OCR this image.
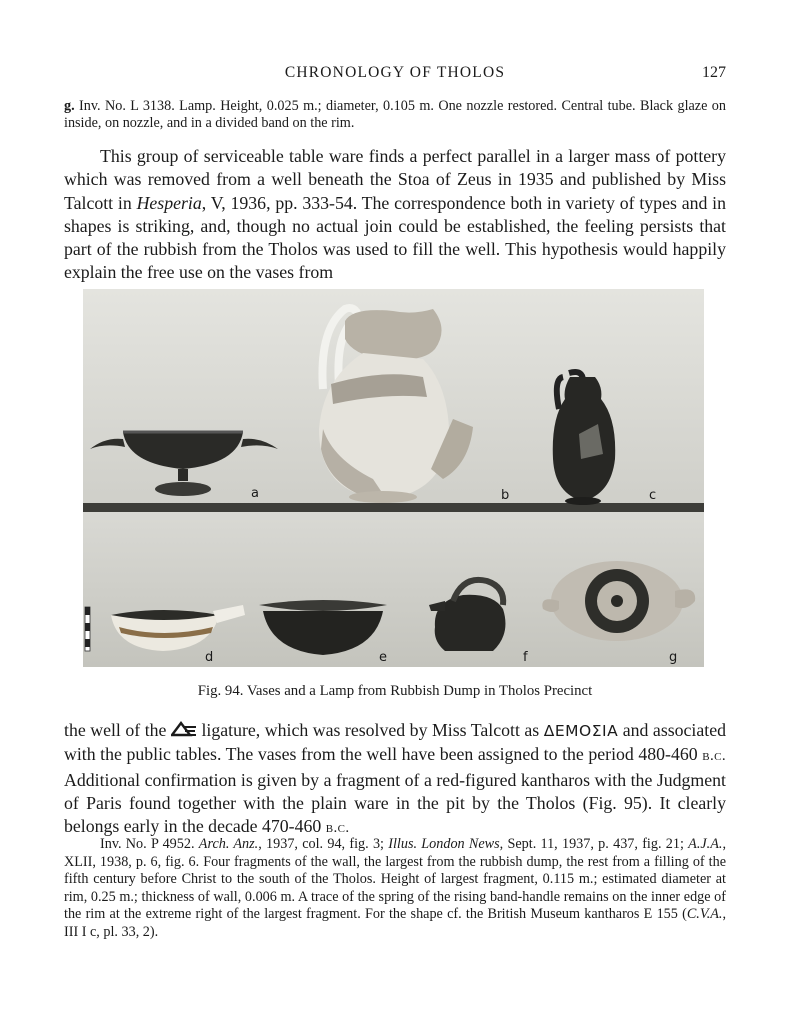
CHRONOLOGY OF THOLOS	127
g. Inv. No. L 3138. Lamp. Height, 0.025 m.; diameter, 0.105 m. One nozzle restored. Central tube. Black glaze on inside, on nozzle, and in a divided band on the rim.
This group of serviceable table ware finds a perfect parallel in a larger mass of pottery which was removed from a well beneath the Stoa of Zeus in 1935 and published by Miss Talcott in Hesperia, V, 1936, pp. 333-54. The correspondence both in variety of types and in shapes is striking, and, though no actual join could be established, the feeling persists that part of the rubbish from the Tholos was used to fill the well. This hypothesis would happily explain the free use on the vases from
a	b	c
d	e	f	g
Fig. 94. Vases and a Lamp from Rubbish Dump in Tholos Precinct
the well of the  ligature, which was resolved by Miss Talcott as ΔΕΜΟΣΙΑ and associated with the public tables. The vases from the well have been assigned to the period 480-460 b.c. Additional confirmation is given by a fragment of a red-figured kantharos with the Judgment of Paris found together with the plain ware in the pit by the Tholos (Fig. 95). It clearly belongs early in the decade 470-460 b.c.
Inv. No. P 4952. Arch. Anz., 1937, col. 94, fig. 3; Illus. London News, Sept. 11, 1937, p. 437, fig. 21; A.J.A., XLII, 1938, p. 6, fig. 6. Four fragments of the wall, the largest from the rubbish dump, the rest from a filling of the fifth century before Christ to the south of the Tholos. Height of largest fragment, 0.115 m.; estimated diameter at rim, 0.25 m.; thickness of wall, 0.006 m. A trace of the spring of the rising band-handle remains on the inner edge of the rim at the extreme right of the largest fragment. For the shape cf. the British Museum kantharos E 155 (C.V.A., III I c, pl. 33, 2).
